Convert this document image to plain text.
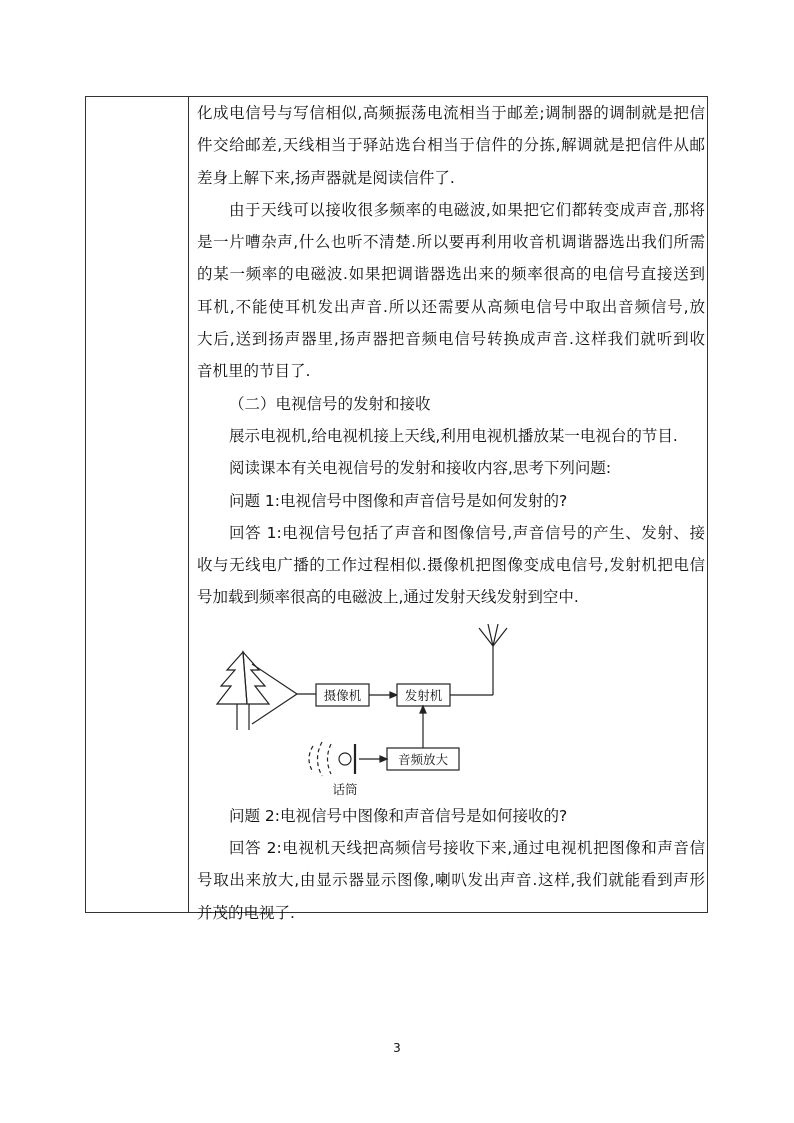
化成电信号与写信相似,高频振荡电流相当于邮差;调制器的调制就是把信

件交给邮差,天线相当于驿站选台相当于信件的分拣,解调就是把信件从邮

差身上解下来,扬声器就是阅读信件了.

由于天线可以接收很多频率的电磁波,如果把它们都转变成声音,那将

是一片嘈杂声,什么也听不清楚.所以要再利用收音机调谐器选出我们所需

的某一频率的电磁波.如果把调谐器选出来的频率很高的电信号直接送到

耳机,不能使耳机发出声音.所以还需要从高频电信号中取出音频信号,放

大后,送到扬声器里,扬声器把音频电信号转换成声音.这样我们就听到收

音机里的节目了.

（二）电视信号的发射和接收

展示电视机,给电视机接上天线,利用电视机播放某一电视台的节目.

阅读课本有关电视信号的发射和接收内容,思考下列问题:

问题 1:电视信号中图像和声音信号是如何发射的?

回答 1:电视信号包括了声音和图像信号,声音信号的产生、发射、接

收与无线电广播的工作过程相似.摄像机把图像变成电信号,发射机把电信

号加载到频率很高的电磁波上,通过发射天线发射到空中.

摄像机	发射机
音频放大
话筒

问题 2:电视信号中图像和声音信号是如何接收的?

回答 2:电视机天线把高频信号接收下来,通过电视机把图像和声音信

号取出来放大,由显示器显示图像,喇叭发出声音.这样,我们就能看到声形

并茂的电视了.

3
